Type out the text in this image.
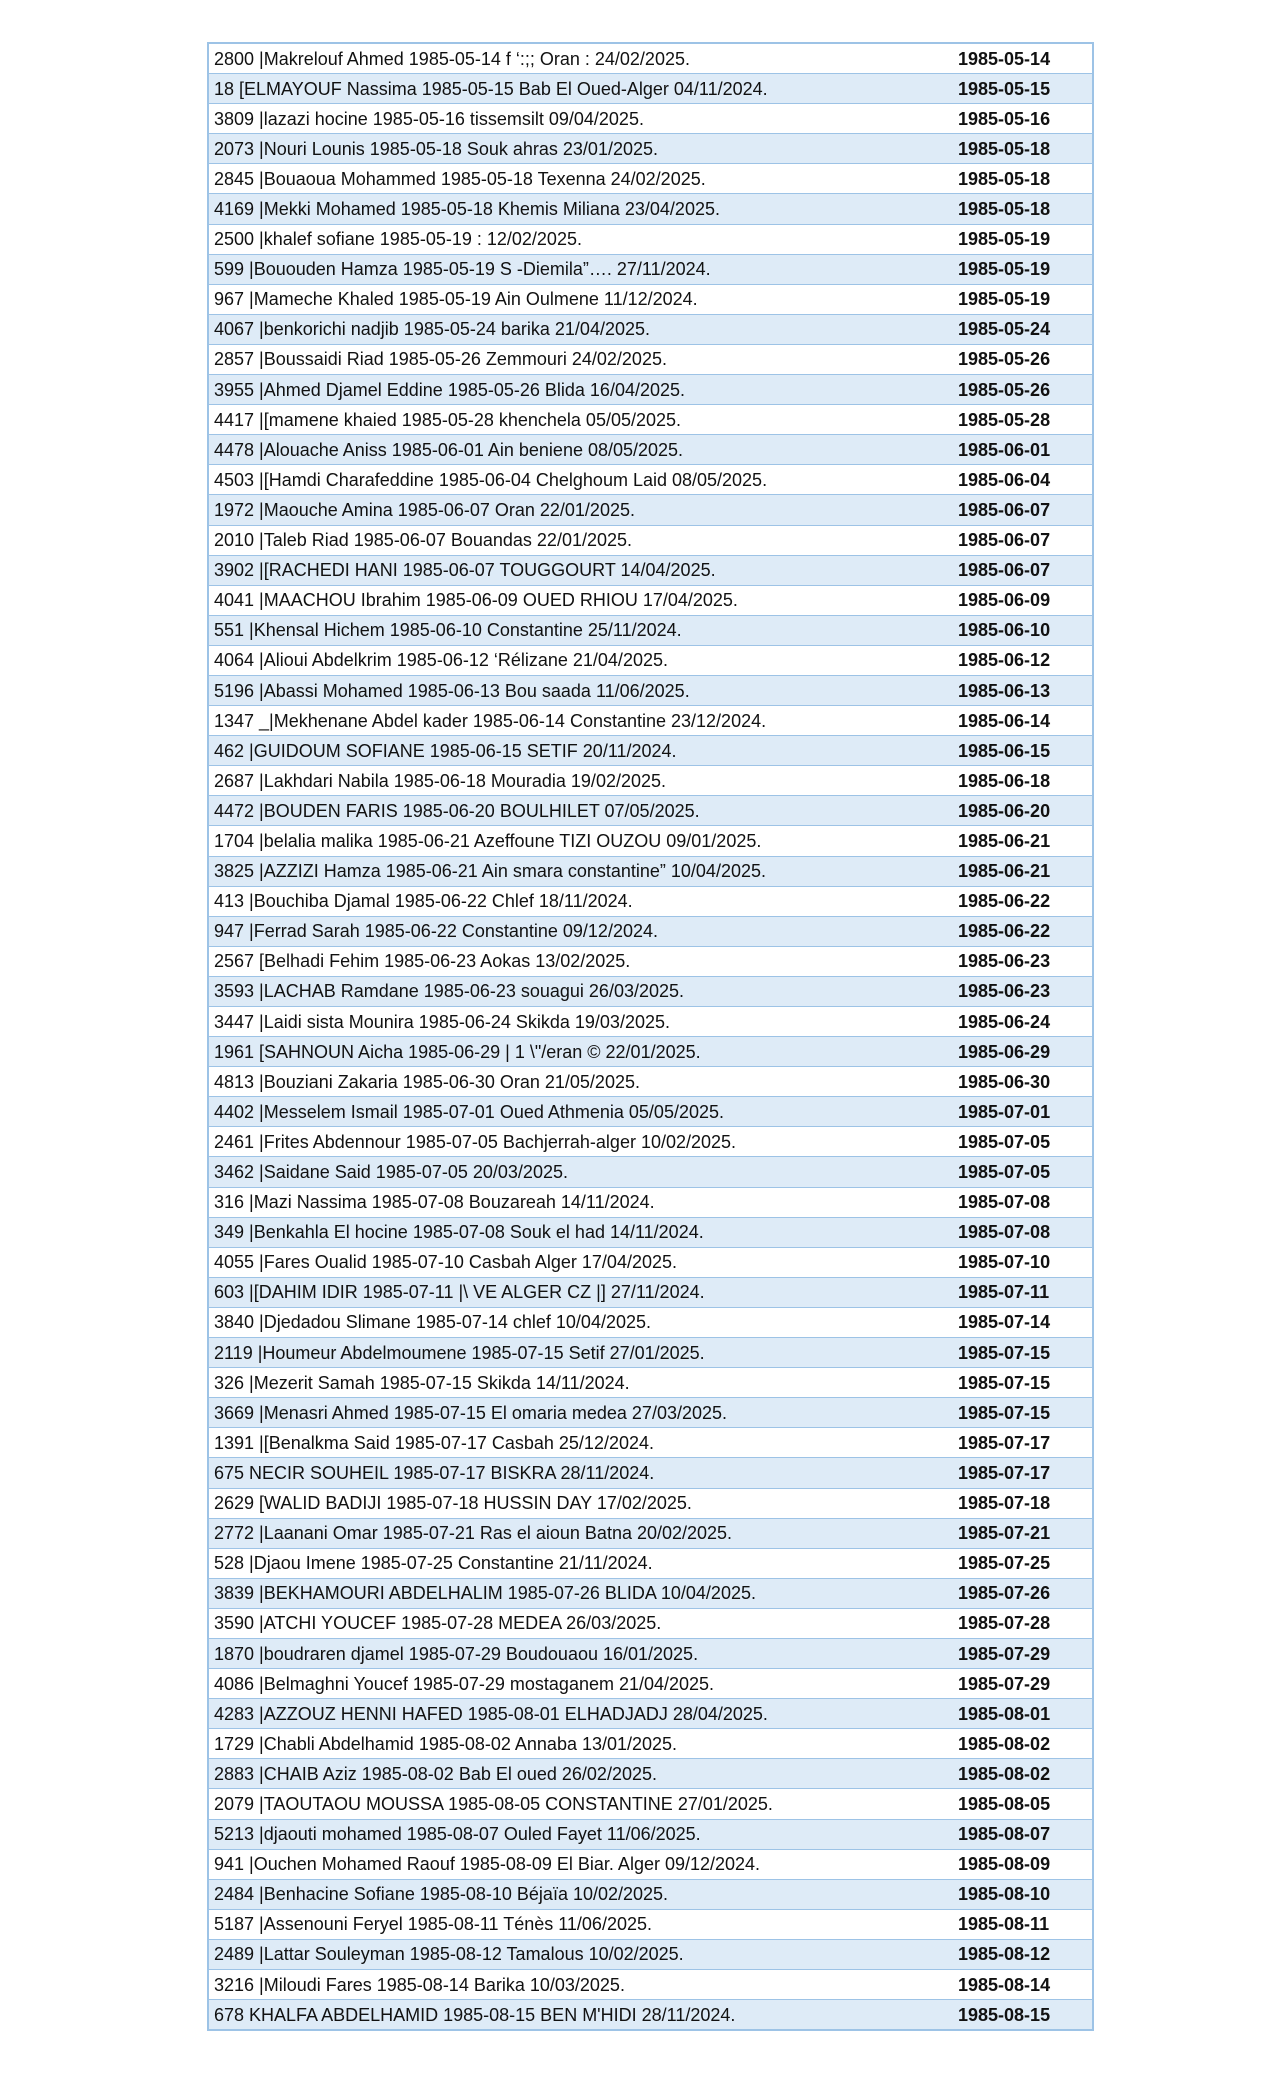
2800 |Makrelouf Ahmed 1985-05-14 f ‘:;; Oran : 24/02/2025.	1985-05-14
18 [ELMAYOUF Nassima 1985-05-15 Bab El Oued-Alger 04/11/2024.	1985-05-15
3809 |lazazi hocine 1985-05-16 tissemsilt 09/04/2025.	1985-05-16
2073 |Nouri Lounis 1985-05-18 Souk ahras 23/01/2025.	1985-05-18
2845 |Bouaoua Mohammed 1985-05-18 Texenna 24/02/2025.	1985-05-18
4169 |Mekki Mohamed 1985-05-18 Khemis Miliana 23/04/2025.	1985-05-18
2500 |khalef sofiane 1985-05-19 : 12/02/2025.	1985-05-19
599 |Bououden Hamza 1985-05-19 S -Diemila”…. 27/11/2024.	1985-05-19
967 |Mameche Khaled 1985-05-19 Ain Oulmene 11/12/2024.	1985-05-19
4067 |benkorichi nadjib 1985-05-24 barika 21/04/2025.	1985-05-24
2857 |Boussaidi Riad 1985-05-26 Zemmouri 24/02/2025.	1985-05-26
3955 |Ahmed Djamel Eddine 1985-05-26 Blida 16/04/2025.	1985-05-26
4417 |[mamene khaied 1985-05-28 khenchela 05/05/2025.	1985-05-28
4478 |Alouache Aniss 1985-06-01 Ain beniene 08/05/2025.	1985-06-01
4503 |[Hamdi Charafeddine 1985-06-04 Chelghoum Laid 08/05/2025.	1985-06-04
1972 |Maouche Amina 1985-06-07 Oran 22/01/2025.	1985-06-07
2010 |Taleb Riad 1985-06-07 Bouandas 22/01/2025.	1985-06-07
3902 |[RACHEDI HANI 1985-06-07 TOUGGOURT 14/04/2025.	1985-06-07
4041 |MAACHOU Ibrahim 1985-06-09 OUED RHIOU 17/04/2025.	1985-06-09
551 |Khensal Hichem 1985-06-10 Constantine 25/11/2024.	1985-06-10
4064 |Alioui Abdelkrim 1985-06-12 ‘Rélizane 21/04/2025.	1985-06-12
5196 |Abassi Mohamed 1985-06-13 Bou saada 11/06/2025.	1985-06-13
1347 _|Mekhenane Abdel kader 1985-06-14 Constantine 23/12/2024.	1985-06-14
462 |GUIDOUM SOFIANE 1985-06-15 SETIF 20/11/2024.	1985-06-15
2687 |Lakhdari Nabila 1985-06-18 Mouradia 19/02/2025.	1985-06-18
4472 |BOUDEN FARIS 1985-06-20 BOULHILET 07/05/2025.	1985-06-20
1704 |belalia malika 1985-06-21 Azeffoune TIZI OUZOU 09/01/2025.	1985-06-21
3825 |AZZIZI Hamza 1985-06-21 Ain smara constantine” 10/04/2025.	1985-06-21
413 |Bouchiba Djamal 1985-06-22 Chlef 18/11/2024.	1985-06-22
947 |Ferrad Sarah 1985-06-22 Constantine 09/12/2024.	1985-06-22
2567 [Belhadi Fehim 1985-06-23 Aokas 13/02/2025.	1985-06-23
3593 |LACHAB Ramdane 1985-06-23 souagui 26/03/2025.	1985-06-23
3447 |Laidi sista Mounira 1985-06-24 Skikda 19/03/2025.	1985-06-24
1961 [SAHNOUN Aicha 1985-06-29 | 1 \"/eran © 22/01/2025.	1985-06-29
4813 |Bouziani Zakaria 1985-06-30 Oran 21/05/2025.	1985-06-30
4402 |Messelem Ismail 1985-07-01 Oued Athmenia 05/05/2025.	1985-07-01
2461 |Frites Abdennour 1985-07-05 Bachjerrah-alger 10/02/2025.	1985-07-05
3462 |Saidane Said 1985-07-05 20/03/2025.	1985-07-05
316 |Mazi Nassima 1985-07-08 Bouzareah 14/11/2024.	1985-07-08
349 |Benkahla El hocine 1985-07-08 Souk el had 14/11/2024.	1985-07-08
4055 |Fares Oualid 1985-07-10 Casbah Alger 17/04/2025.	1985-07-10
603 |[DAHIM IDIR 1985-07-11 |\ VE ALGER CZ |] 27/11/2024.	1985-07-11
3840 |Djedadou Slimane 1985-07-14 chlef 10/04/2025.	1985-07-14
2119 |Houmeur Abdelmoumene 1985-07-15 Setif 27/01/2025.	1985-07-15
326 |Mezerit Samah 1985-07-15 Skikda 14/11/2024.	1985-07-15
3669 |Menasri Ahmed 1985-07-15 El omaria medea 27/03/2025.	1985-07-15
1391 |[Benalkma Said 1985-07-17 Casbah 25/12/2024.	1985-07-17
675 NECIR SOUHEIL 1985-07-17 BISKRA 28/11/2024.	1985-07-17
2629 [WALID BADIJI 1985-07-18 HUSSIN DAY 17/02/2025.	1985-07-18
2772 |Laanani Omar 1985-07-21 Ras el aioun Batna 20/02/2025.	1985-07-21
528 |Djaou Imene 1985-07-25 Constantine 21/11/2024.	1985-07-25
3839 |BEKHAMOURI ABDELHALIM 1985-07-26 BLIDA 10/04/2025.	1985-07-26
3590 |ATCHI YOUCEF 1985-07-28 MEDEA 26/03/2025.	1985-07-28
1870 |boudraren djamel 1985-07-29 Boudouaou 16/01/2025.	1985-07-29
4086 |Belmaghni Youcef 1985-07-29 mostaganem 21/04/2025.	1985-07-29
4283 |AZZOUZ HENNI HAFED 1985-08-01 ELHADJADJ 28/04/2025.	1985-08-01
1729 |Chabli Abdelhamid 1985-08-02 Annaba 13/01/2025.	1985-08-02
2883 |CHAIB Aziz 1985-08-02 Bab El oued 26/02/2025.	1985-08-02
2079 |TAOUTAOU MOUSSA 1985-08-05 CONSTANTINE 27/01/2025.	1985-08-05
5213 |djaouti mohamed 1985-08-07 Ouled Fayet 11/06/2025.	1985-08-07
941 |Ouchen Mohamed Raouf 1985-08-09 El Biar. Alger 09/12/2024.	1985-08-09
2484 |Benhacine Sofiane 1985-08-10 Béjaïa 10/02/2025.	1985-08-10
5187 |Assenouni Feryel 1985-08-11 Ténès 11/06/2025.	1985-08-11
2489 |Lattar Souleyman 1985-08-12 Tamalous 10/02/2025.	1985-08-12
3216 |Miloudi Fares 1985-08-14 Barika 10/03/2025.	1985-08-14
678 KHALFA ABDELHAMID 1985-08-15 BEN M'HIDI 28/11/2024.	1985-08-15
